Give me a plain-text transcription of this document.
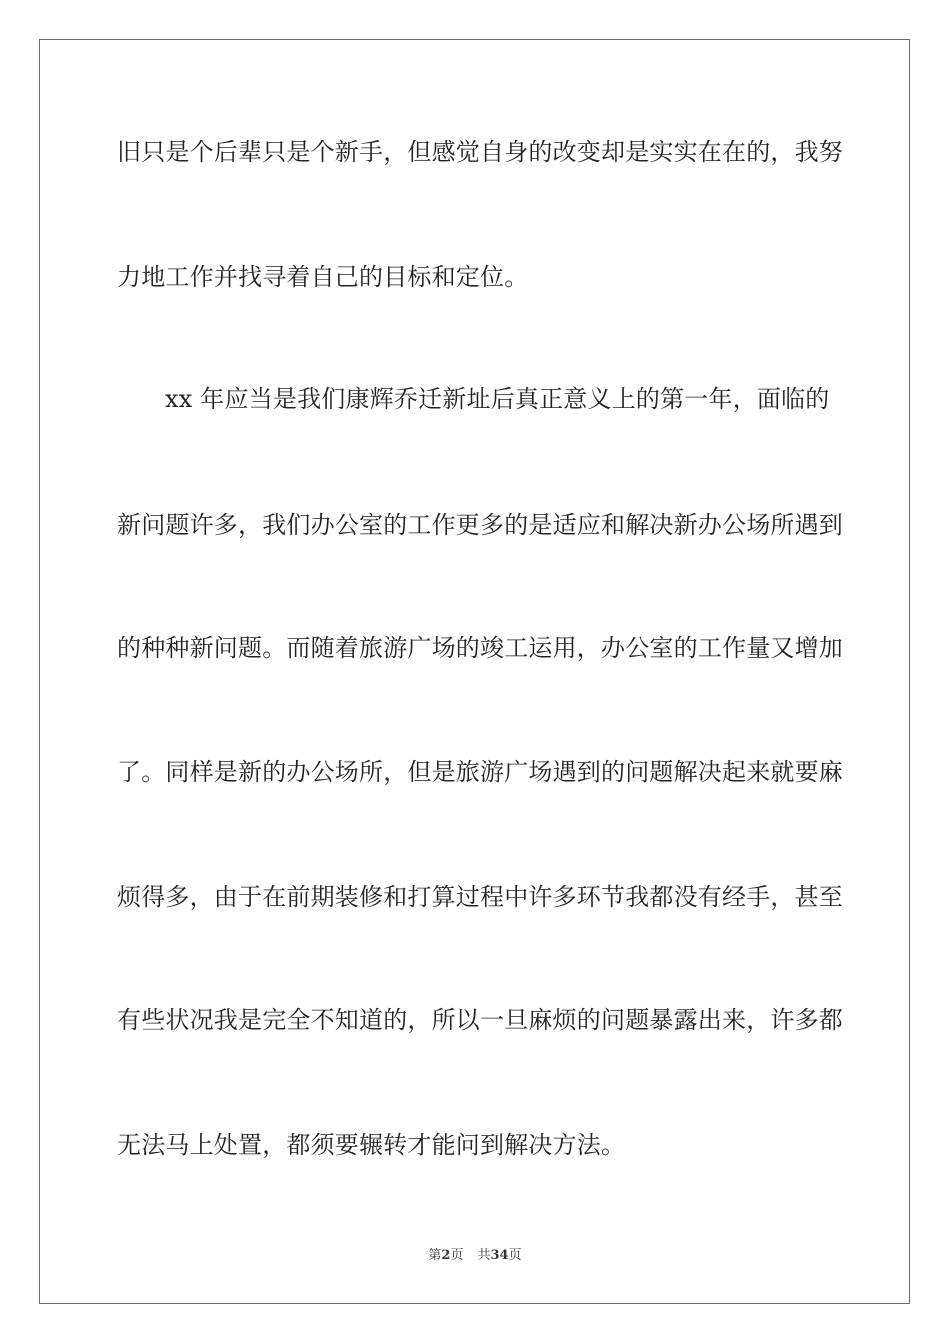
旧只是个后辈只是个新手，但感觉自身的改变却是实实在在的，我努
力地工作并找寻着自己的目标和定位。
xx 年应当是我们康辉乔迁新址后真正意义上的第一年，面临的
新问题许多，我们办公室的工作更多的是适应和解决新办公场所遇到
的种种新问题。而随着旅游广场的竣工运用，办公室的工作量又增加
了。同样是新的办公场所，但是旅游广场遇到的问题解决起来就要麻
烦得多，由于在前期装修和打算过程中许多环节我都没有经手，甚至
有些状况我是完全不知道的，所以一旦麻烦的问题暴露出来，许多都
无法马上处置，都须要辗转才能问到解决方法。
第2页 共34页
